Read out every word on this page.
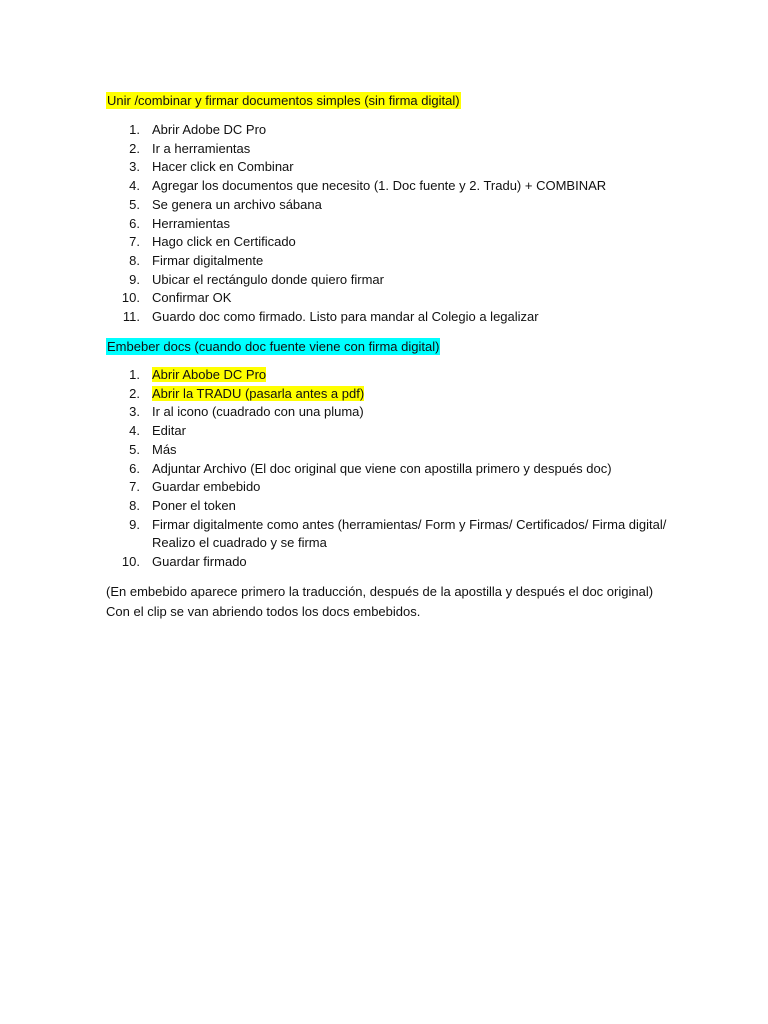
Unir /combinar y firmar documentos simples (sin firma digital)
1. Abrir Adobe DC Pro
2. Ir a herramientas
3. Hacer click en Combinar
4. Agregar los documentos que necesito (1. Doc fuente y 2. Tradu) + COMBINAR
5. Se genera un archivo sábana
6. Herramientas
7. Hago click en Certificado
8. Firmar digitalmente
9. Ubicar el rectángulo donde quiero firmar
10. Confirmar OK
11. Guardo doc como firmado. Listo para mandar al Colegio a legalizar
Embeber docs (cuando doc fuente viene con firma digital)
1. Abrir Abobe DC Pro
2. Abrir la TRADU (pasarla antes a pdf)
3. Ir al icono (cuadrado con una pluma)
4. Editar
5. Más
6. Adjuntar Archivo (El doc original que viene con apostilla primero y después doc)
7. Guardar embebido
8. Poner el token
9. Firmar digitalmente como antes (herramientas/ Form y Firmas/ Certificados/ Firma digital/ Realizo el cuadrado y se firma
10. Guardar firmado

(En embebido aparece primero la traducción, después de la apostilla y después el doc original) Con el clip se van abriendo todos los docs embebidos.
